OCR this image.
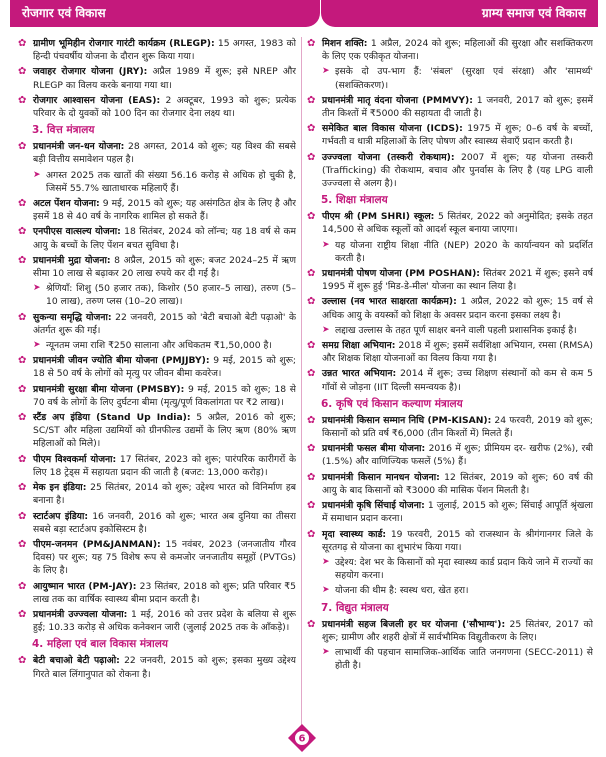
रोजगार एवं विकास	ग्राम्य समाज एवं विकास
✿ ग्रामीण भूमिहीन रोजगार गारंटी कार्यक्रम (RLEGP): 15 अगस्त, 1983 को हिन्दी पंचवर्षीय योजना के दौरान शुरू किया गया।
✿ जवाहर रोजगार योजना (JRY): अप्रैल 1989 में शुरू; इसे NREP और RLEGP का विलय करके बनाया गया था।
✿ रोजगार आश्वासन योजना (EAS): 2 अक्टूबर, 1993 को शुरू; प्रत्येक परिवार के दो युवकों को 100 दिन का रोजगार देना लक्ष्य था।
3. वित्त मंत्रालय
✿ प्रधानमंत्री जन-धन योजना: 28 अगस्त, 2014 को शुरू; यह विश्व की सबसे बड़ी वित्तीय समावेशन पहल है।
➤ अगस्त 2025 तक खातों की संख्या 56.16 करोड़ से अधिक हो चुकी है, जिसमें 55.7% खाताधारक महिलाएँ हैं।
✿ अटल पेंशन योजना: 9 मई, 2015 को शुरू; यह असंगठित क्षेत्र के लिए है और इसमें 18 से 40 वर्ष के नागरिक शामिल हो सकते हैं।
✿ एनपीएस वात्सल्य योजना: 18 सितंबर, 2024 को लॉन्च; यह 18 वर्ष से कम आयु के बच्चों के लिए पेंशन बचत सुविधा है।
✿ प्रधानमंत्री मुद्रा योजना: 8 अप्रैल, 2015 को शुरू; बजट 2024–25 में ऋण सीमा 10 लाख से बढ़ाकर 20 लाख रुपये कर दी गई है।
➤ श्रेणियाँ: शिशु (50 हजार तक), किशोर (50 हजार–5 लाख), तरुण (5–10 लाख), तरुण प्लस (10–20 लाख)।
✿ सुकन्या समृद्धि योजना: 22 जनवरी, 2015 को 'बेटी बचाओ बेटी पढ़ाओ' के अंतर्गत शुरू की गई।
➤ न्यूनतम जमा राशि ₹250 सालाना और अधिकतम ₹1,50,000 है।
✿ प्रधानमंत्री जीवन ज्योति बीमा योजना (PMJJBY): 9 मई, 2015 को शुरू; 18 से 50 वर्ष के लोगों को मृत्यु पर जीवन बीमा कवरेज।
✿ प्रधानमंत्री सुरक्षा बीमा योजना (PMSBY): 9 मई, 2015 को शुरू; 18 से 70 वर्ष के लोगों के लिए दुर्घटना बीमा (मृत्यु/पूर्ण विकलांगता पर ₹2 लाख)।
✿ स्टैंड अप इंडिया (Stand Up India): 5 अप्रैल, 2016 को शुरू; SC/ST और महिला उद्यमियों को ग्रीनफील्ड उद्यमों के लिए ऋण (80% ऋण महिलाओं को मिले)।
✿ पीएम विश्वकर्मा योजना: 17 सितंबर, 2023 को शुरू; पारंपरिक कारीगरों के लिए 18 ट्रेड्स में सहायता प्रदान की जाती है (बजट: 13,000 करोड़)।
✿ मेक इन इंडिया: 25 सितंबर, 2014 को शुरू; उद्देश्य भारत को विनिर्माण हब बनाना है।
✿ स्टार्टअप इंडिया: 16 जनवरी, 2016 को शुरू; भारत अब दुनिया का तीसरा सबसे बड़ा स्टार्टअप इकोसिस्टम है।
✿ पीएम-जनमन (PM&JANMAN): 15 नवंबर, 2023 (जनजातीय गौरव दिवस) पर शुरू; यह 75 विशेष रूप से कमजोर जनजातीय समूहों (PVTGs) के लिए है।
✿ आयुष्मान भारत (PM-JAY): 23 सितंबर, 2018 को शुरू; प्रति परिवार ₹5 लाख तक का वार्षिक स्वास्थ्य बीमा प्रदान करती है।
✿ प्रधानमंत्री उज्ज्वला योजना: 1 मई, 2016 को उत्तर प्रदेश के बलिया से शुरू हुई; 10.33 करोड़ से अधिक कनेक्शन जारी (जुलाई 2025 तक के आँकड़े)।
4. महिला एवं बाल विकास मंत्रालय
✿ बेटी बचाओ बेटी पढ़ाओ: 22 जनवरी, 2015 को शुरू; इसका मुख्य उद्देश्य गिरते बाल लिंगानुपात को रोकना है।
✿ मिशन शक्ति: 1 अप्रैल, 2024 को शुरू; महिलाओं की सुरक्षा और सशक्तिकरण के लिए एक एकीकृत योजना।
➤ इसके दो उप-भाग हैं: 'संबल' (सुरक्षा एवं संरक्षा) और 'सामर्थ्य' (सशक्तिकरण)।
✿ प्रधानमंत्री मातृ वंदना योजना (PMMVY): 1 जनवरी, 2017 को शुरू; इसमें तीन किश्तों में ₹5000 की सहायता दी जाती है।
✿ समेकित बाल विकास योजना (ICDS): 1975 में शुरू; 0–6 वर्ष के बच्चों, गर्भवती व धात्री महिलाओं के लिए पोषण और स्वास्थ्य सेवाएँ प्रदान करती है।
✿ उज्ज्वला योजना (तस्करी रोकथाम): 2007 में शुरू; यह योजना तस्करी (Trafficking) की रोकथाम, बचाव और पुनर्वास के लिए है (यह LPG वाली उज्ज्वला से अलग है)।
5. शिक्षा मंत्रालय
✿ पीएम श्री (PM SHRI) स्कूल: 5 सितंबर, 2022 को अनुमोदित; इसके तहत 14,500 से अधिक स्कूलों को आदर्श स्कूल बनाया जाएगा।
➤ यह योजना राष्ट्रीय शिक्षा नीति (NEP) 2020 के कार्यान्वयन को प्रदर्शित करती है।
✿ प्रधानमंत्री पोषण योजना (PM POSHAN): सितंबर 2021 में शुरू; इसने वर्ष 1995 में शुरू हुई 'मिड-डे-मील' योजना का स्थान लिया है।
✿ उल्लास (नव भारत साक्षरता कार्यक्रम): 1 अप्रैल, 2022 को शुरू; 15 वर्ष से अधिक आयु के वयस्कों को शिक्षा के अवसर प्रदान करना इसका लक्ष्य है।
➤ लद्दाख उल्लास के तहत पूर्ण साक्षर बनने वाली पहली प्रशासनिक इकाई है।
✿ समग्र शिक्षा अभियान: 2018 में शुरू; इसमें सर्वशिक्षा अभियान, रमसा (RMSA) और शिक्षक शिक्षा योजनाओं का विलय किया गया है।
✿ उन्नत भारत अभियान: 2014 में शुरू; उच्च शिक्षण संस्थानों को कम से कम 5 गाँवों से जोड़ना (IIT दिल्ली समन्वयक है)।
6. कृषि एवं किसान कल्याण मंत्रालय
✿ प्रधानमंत्री किसान सम्मान निधि (PM-KISAN): 24 फरवरी, 2019 को शुरू; किसानों को प्रति वर्ष ₹6,000 (तीन किश्तों में) मिलते हैं।
✿ प्रधानमंत्री फसल बीमा योजना: 2016 में शुरू; प्रीमियम दर- खरीफ (2%), रबी (1.5%) और वाणिज्यिक फसलें (5%) हैं।
✿ प्रधानमंत्री किसान मानधन योजना: 12 सितंबर, 2019 को शुरू; 60 वर्ष की आयु के बाद किसानों को ₹3000 की मासिक पेंशन मिलती है।
✿ प्रधानमंत्री कृषि सिंचाई योजना: 1 जुलाई, 2015 को शुरू; सिंचाई आपूर्ति श्रृंखला में समाधान प्रदान करना।
✿ मृदा स्वास्थ्य कार्ड: 19 फरवरी, 2015 को राजस्थान के श्रीगंगानगर जिले के सूरतगढ़ से योजना का शुभारंभ किया गया।
➤ उद्देश्य: देश भर के किसानों को मृदा स्वास्थ्य कार्ड प्रदान किये जाने में राज्यों का सहयोग करना।
➤ योजना की थीम है: स्वस्थ धरा, खेत हरा।
7. विद्युत मंत्रालय
✿ प्रधानमंत्री सहज बिजली हर घर योजना ('सौभाग्य'): 25 सितंबर, 2017 को शुरू; ग्रामीण और शहरी क्षेत्रों में सार्वभौमिक विद्युतीकरण के लिए।
➤ लाभार्थी की पहचान सामाजिक-आर्थिक जाति जनगणना (SECC-2011) से होती है।
6
